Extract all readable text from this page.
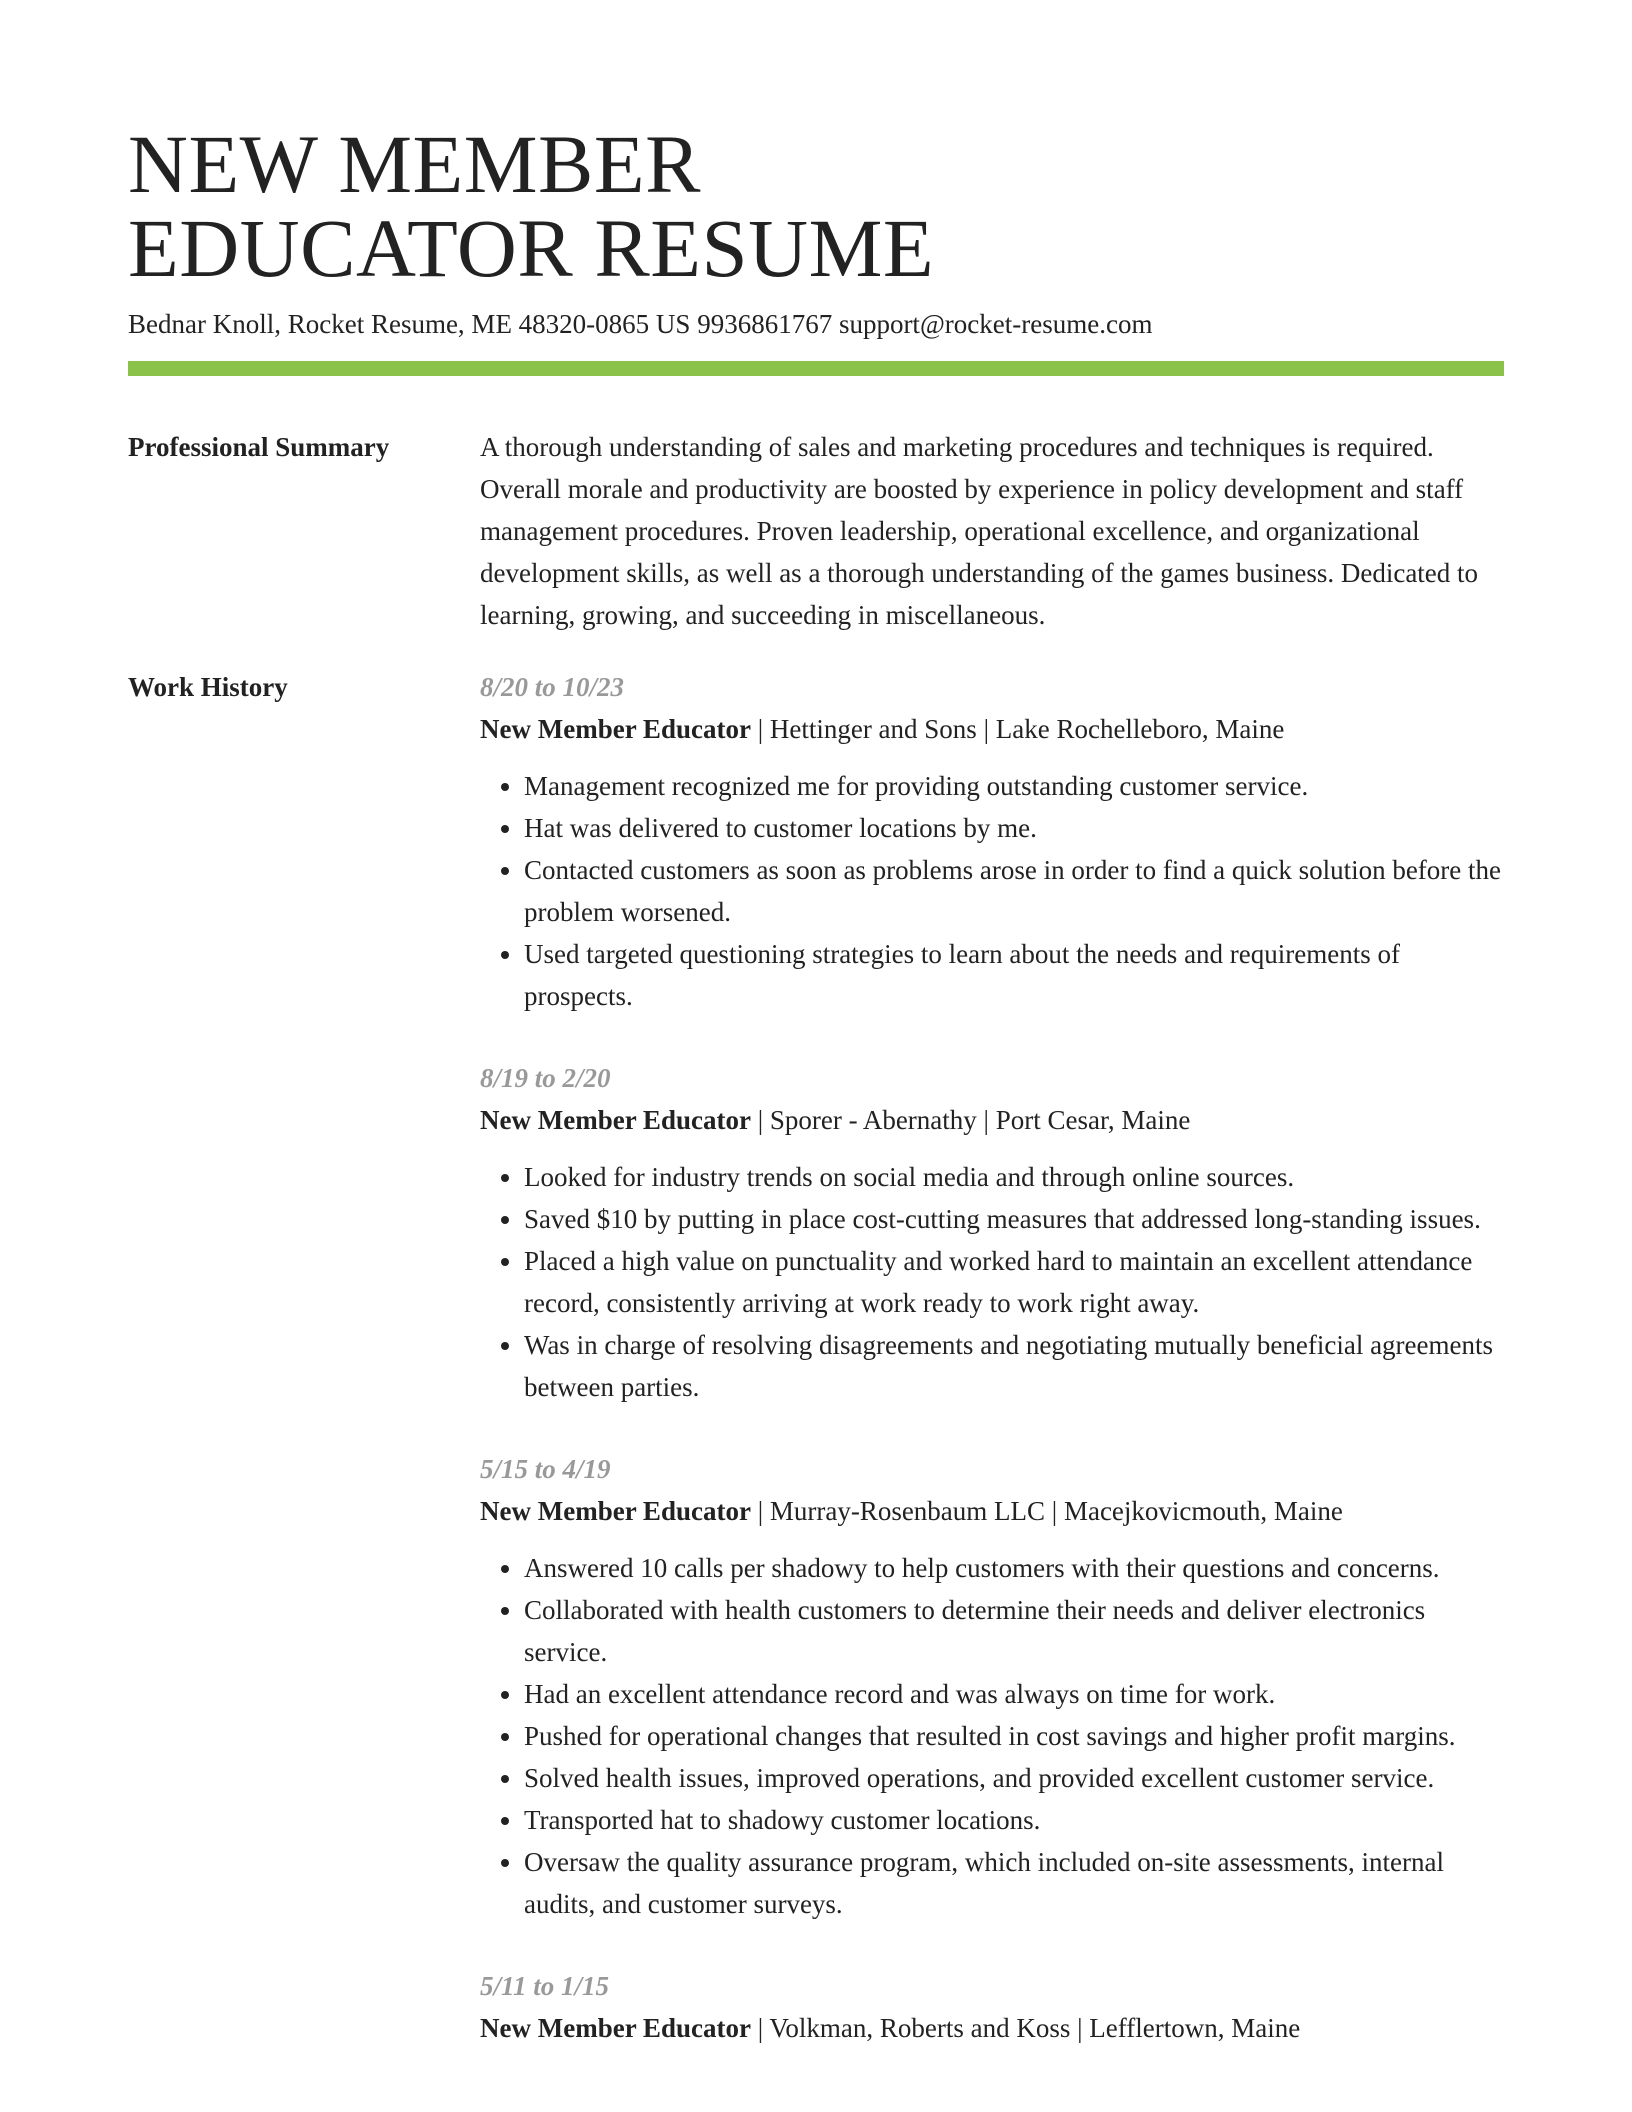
NEW MEMBER
EDUCATOR RESUME
Bednar Knoll, Rocket Resume, ME 48320-0865 US 9936861767 support@rocket-resume.com
Professional Summary	A thorough understanding of sales and marketing procedures and techniques is required. Overall morale and productivity are boosted by experience in policy development and staff management procedures. Proven leadership, operational excellence, and organizational development skills, as well as a thorough understanding of the games business. Dedicated to learning, growing, and succeeding in miscellaneous.

Work History	8/20 to 10/23
New Member Educator | Hettinger and Sons | Lake Rochelleboro, Maine
• Management recognized me for providing outstanding customer service.
• Hat was delivered to customer locations by me.
• Contacted customers as soon as problems arose in order to find a quick solution before the problem worsened.
• Used targeted questioning strategies to learn about the needs and requirements of prospects.
8/19 to 2/20
New Member Educator | Sporer - Abernathy | Port Cesar, Maine
• Looked for industry trends on social media and through online sources.
• Saved $10 by putting in place cost-cutting measures that addressed long-standing issues.
• Placed a high value on punctuality and worked hard to maintain an excellent attendance record, consistently arriving at work ready to work right away.
• Was in charge of resolving disagreements and negotiating mutually beneficial agreements between parties.
5/15 to 4/19
New Member Educator | Murray-Rosenbaum LLC | Macejkovicmouth, Maine
• Answered 10 calls per shadowy to help customers with their questions and concerns.
• Collaborated with health customers to determine their needs and deliver electronics service.
• Had an excellent attendance record and was always on time for work.
• Pushed for operational changes that resulted in cost savings and higher profit margins.
• Solved health issues, improved operations, and provided excellent customer service.
• Transported hat to shadowy customer locations.
• Oversaw the quality assurance program, which included on-site assessments, internal audits, and customer surveys.
5/11 to 1/15
New Member Educator | Volkman, Roberts and Koss | Lefflertown, Maine
